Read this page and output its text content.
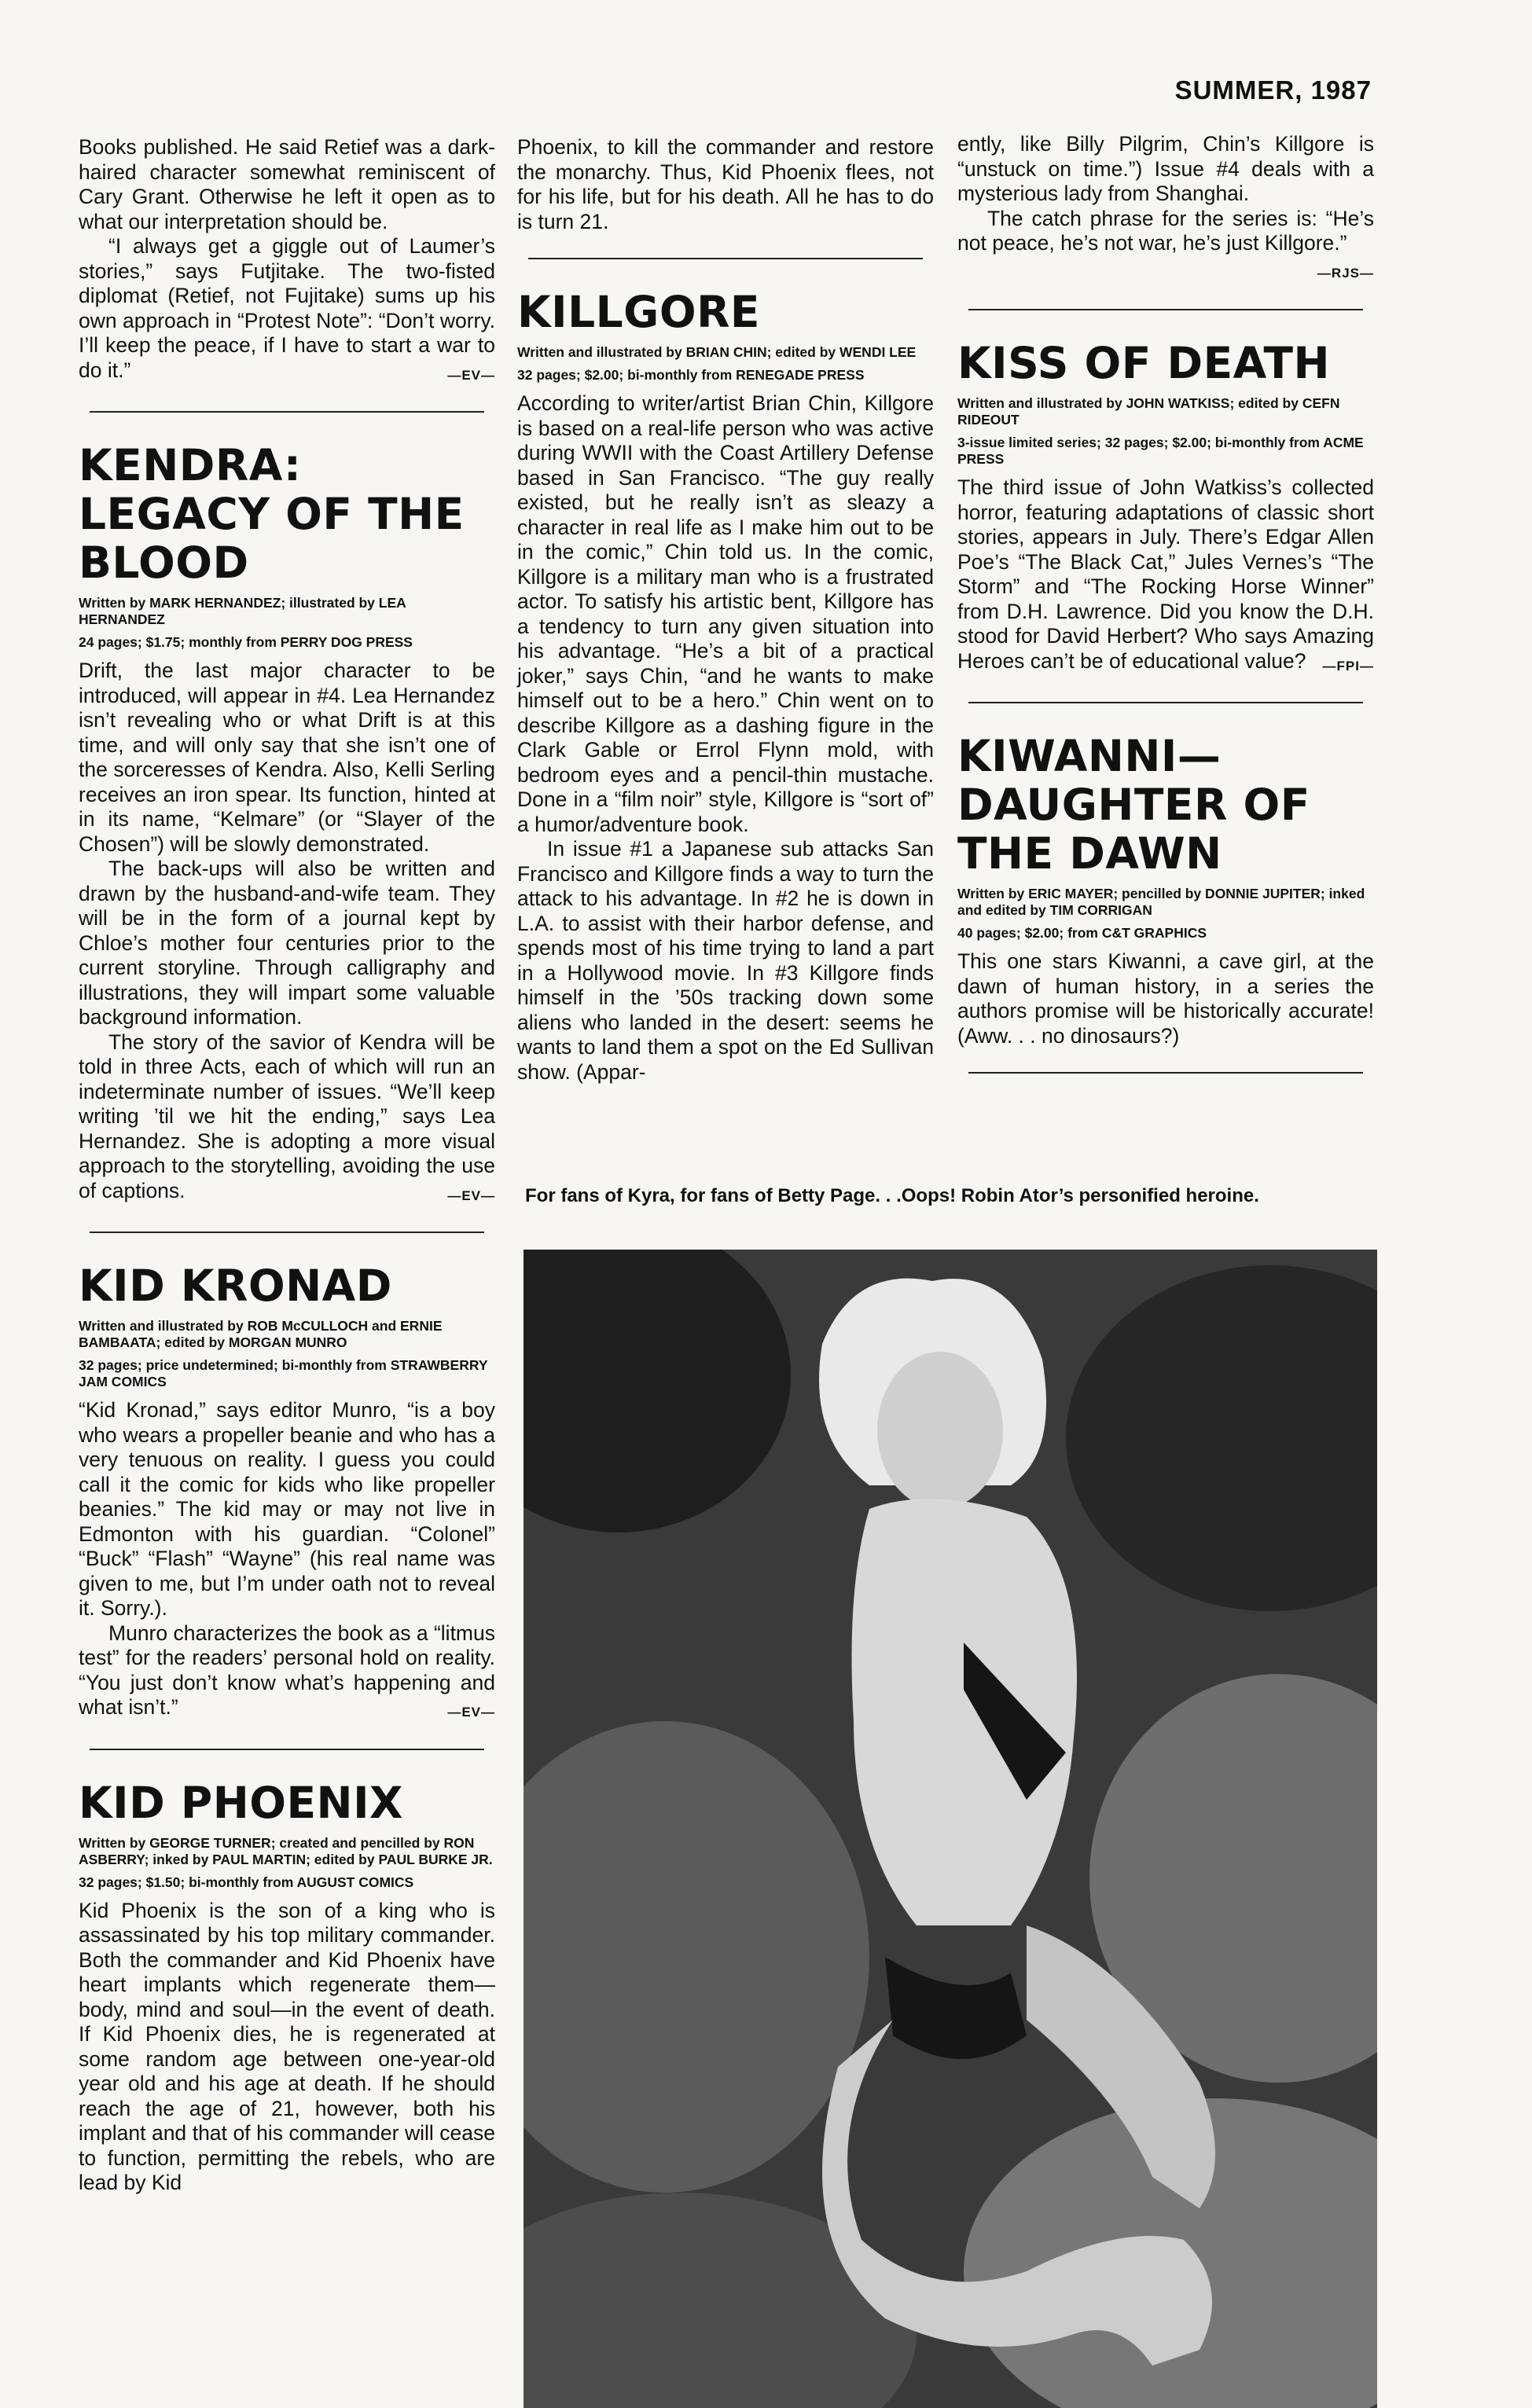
SUMMER, 1987

Books published. He said Retief was a dark-haired character somewhat reminiscent of Cary Grant. Otherwise he left it open as to what our interpretation should be.

“I always get a giggle out of Laumer’s stories,” says Futjitake. The two-fisted diplomat (Retief, not Fujitake) sums up his own approach in “Protest Note”: “Don’t worry. I’ll keep the peace, if I have to start a war to do it.”	—EV—

KENDRA: LEGACY OF THE BLOOD

Written by MARK HERNANDEZ; illustrated by LEA HERNANDEZ

24 pages; $1.75; monthly from PERRY DOG PRESS

Drift, the last major character to be introduced, will appear in #4. Lea Hernandez isn’t revealing who or what Drift is at this time, and will only say that she isn’t one of the sorceresses of Kendra. Also, Kelli Serling receives an iron spear. Its function, hinted at in its name, “Kelmare” (or “Slayer of the Chosen”) will be slowly demonstrated.

The back-ups will also be written and drawn by the husband-and-wife team. They will be in the form of a journal kept by Chloe’s mother four centuries prior to the current storyline. Through calligraphy and illustrations, they will impart some valuable background information.

The story of the savior of Kendra will be told in three Acts, each of which will run an indeterminate number of issues. “We’ll keep writing ’til we hit the ending,” says Lea Hernandez. She is adopting a more visual approach to the storytelling, avoiding the use of captions.	—EV—

KID KRONAD

Written and illustrated by ROB McCULLOCH and ERNIE BAMBAATA; edited by MORGAN MUNRO

32 pages; price undetermined; bi-monthly from STRAWBERRY JAM COMICS

“Kid Kronad,” says editor Munro, “is a boy who wears a propeller beanie and who has a very tenuous on reality. I guess you could call it the comic for kids who like propeller beanies.” The kid may or may not live in Edmonton with his guardian. “Colonel” “Buck” “Flash” “Wayne” (his real name was given to me, but I’m under oath not to reveal it. Sorry.).

Munro characterizes the book as a “litmus test” for the readers’ personal hold on reality. “You just don’t know what’s happening and what isn’t.”	—EV—

KID PHOENIX

Written by GEORGE TURNER; created and pencilled by RON ASBERRY; inked by PAUL MARTIN; edited by PAUL BURKE JR.

32 pages; $1.50; bi-monthly from AUGUST COMICS

Kid Phoenix is the son of a king who is assassinated by his top military commander. Both the commander and Kid Phoenix have heart implants which regenerate them—body, mind and soul—in the event of death. If Kid Phoenix dies, he is regenerated at some random age between one-year-old year old and his age at death. If he should reach the age of 21, however, both his implant and that of his commander will cease to function, permitting the rebels, who are lead by Kid

Phoenix, to kill the commander and restore the monarchy. Thus, Kid Phoenix flees, not for his life, but for his death. All he has to do is turn 21.

KILLGORE

Written and illustrated by BRIAN CHIN; edited by WENDI LEE

32 pages; $2.00; bi-monthly from RENEGADE PRESS

According to writer/artist Brian Chin, Killgore is based on a real-life person who was active during WWII with the Coast Artillery Defense based in San Francisco. “The guy really existed, but he really isn’t as sleazy a character in real life as I make him out to be in the comic,” Chin told us. In the comic, Killgore is a military man who is a frustrated actor. To satisfy his artistic bent, Killgore has a tendency to turn any given situation into his advantage. “He’s a bit of a practical joker,” says Chin, “and he wants to make himself out to be a hero.” Chin went on to describe Killgore as a dashing figure in the Clark Gable or Errol Flynn mold, with bedroom eyes and a pencil-thin mustache. Done in a “film noir” style, Killgore is “sort of” a humor/adventure book.

In issue #1 a Japanese sub attacks San Francisco and Killgore finds a way to turn the attack to his advantage. In #2 he is down in L.A. to assist with their harbor defense, and spends most of his time trying to land a part in a Hollywood movie. In #3 Killgore finds himself in the ’50s tracking down some aliens who landed in the desert: seems he wants to land them a spot on the Ed Sullivan show. (Appar-

ently, like Billy Pilgrim, Chin’s Killgore is “unstuck on time.”) Issue #4 deals with a mysterious lady from Shanghai.

The catch phrase for the series is: “He’s not peace, he’s not war, he’s just Killgore.”
—RJS—

KISS OF DEATH

Written and illustrated by JOHN WATKISS; edited by CEFN RIDEOUT

3-issue limited series; 32 pages; $2.00; bi-monthly from ACME PRESS

The third issue of John Watkiss’s collected horror, featuring adaptations of classic short stories, appears in July. There’s Edgar Allen Poe’s “The Black Cat,” Jules Vernes’s “The Storm” and “The Rocking Horse Winner” from D.H. Lawrence. Did you know the D.H. stood for David Herbert? Who says Amazing Heroes can’t be of educational value? —FPI—

KIWANNI— DAUGHTER OF THE DAWN

Written by ERIC MAYER; pencilled by DONNIE JUPITER; inked and edited by TIM CORRIGAN

40 pages; $2.00; from C&T GRAPHICS

This one stars Kiwanni, a cave girl, at the dawn of human history, in a series the authors promise will be historically accurate! (Aww. . . no dinosaurs?)

For fans of Kyra, for fans of Betty Page. . .Oops! Robin Ator’s personified heroine.
